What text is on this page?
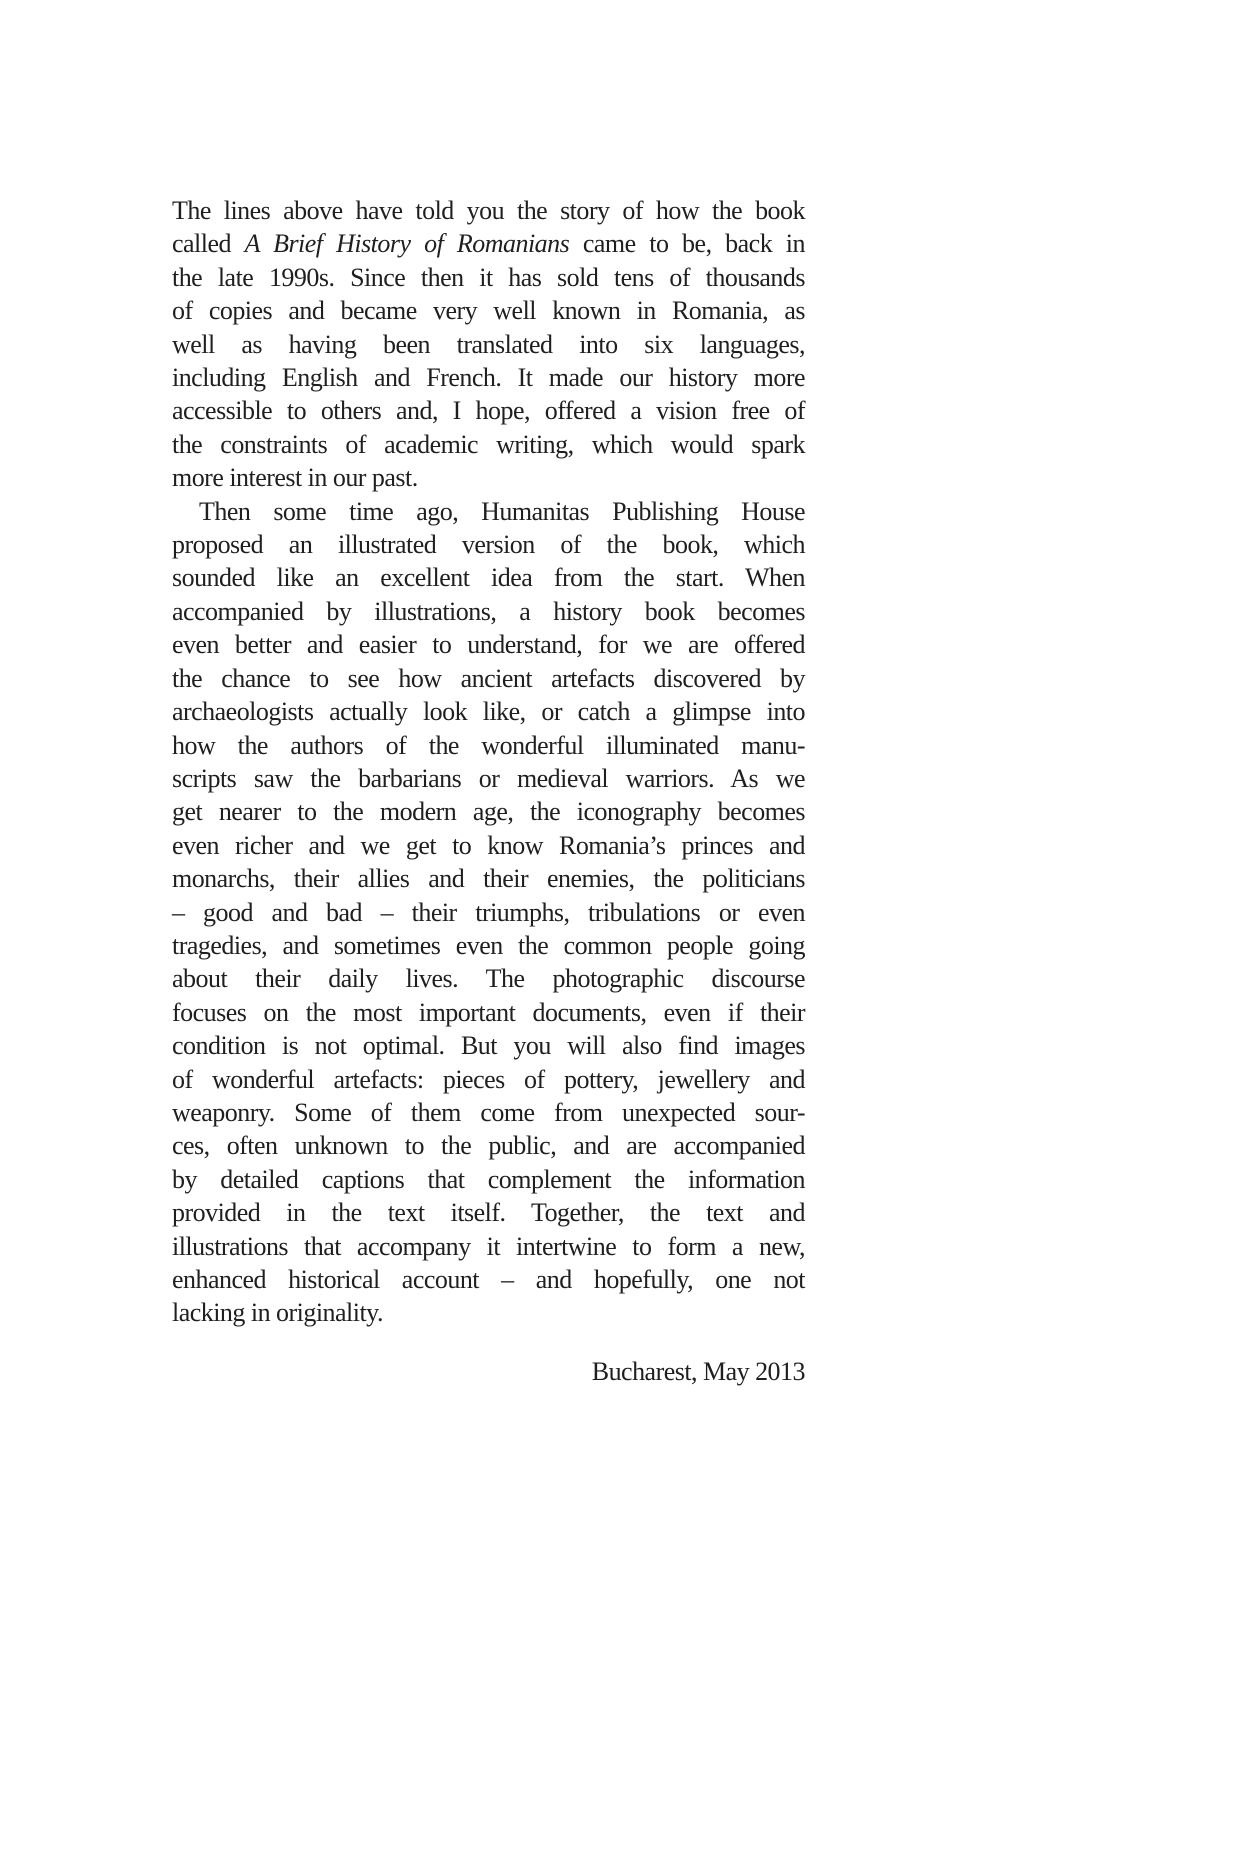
The lines above have told you the story of how the book
called A Brief History of Romanians came to be, back in
the late 1990s. Since then it has sold tens of thousands
of copies and became very well known in Romania, as
well as having been translated into six languages,
including English and French. It made our history more
accessible to others and, I hope, offered a vision free of
the constraints of academic writing, which would spark
more interest in our past.
Then some time ago, Humanitas Publishing House
proposed an illustrated version of the book, which
sounded like an excellent idea from the start. When
accompanied by illustrations, a history book becomes
even better and easier to understand, for we are offered
the chance to see how ancient artefacts discovered by
archaeologists actually look like, or catch a glimpse into
how the authors of the wonderful illuminated manu-
scripts saw the barbarians or medieval warriors. As we
get nearer to the modern age, the iconography becomes
even richer and we get to know Romania’s princes and
monarchs, their allies and their enemies, the politicians
– good and bad – their triumphs, tribulations or even
tragedies, and sometimes even the common people going
about their daily lives. The photographic discourse
focuses on the most important documents, even if their
condition is not optimal. But you will also find images
of wonderful artefacts: pieces of pottery, jewellery and
weaponry. Some of them come from unexpected sour-
ces, often unknown to the public, and are accompanied
by detailed captions that complement the information
provided in the text itself. Together, the text and
illustrations that accompany it intertwine to form a new,
enhanced historical account – and hopefully, one not
lacking in originality.
Bucharest, May 2013
